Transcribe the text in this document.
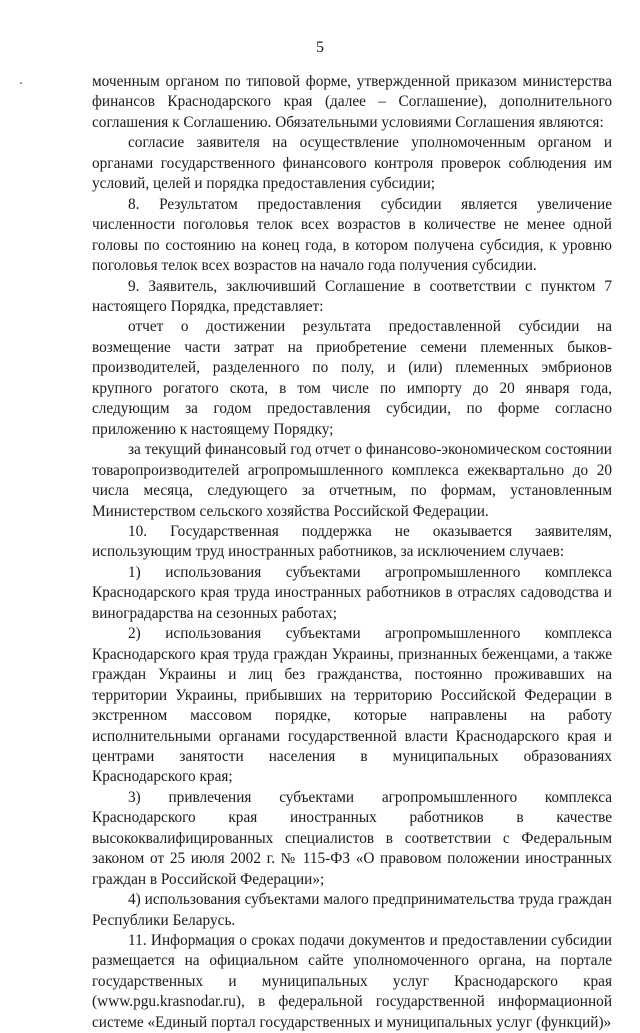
5

моченным органом по типовой форме, утвержденной приказом министерства финансов Краснодарского края (далее – Соглашение), дополнительного соглашения к Соглашению. Обязательными условиями Соглашения являются:

согласие заявителя на осуществление уполномоченным органом и органами государственного финансового контроля проверок соблюдения им условий, целей и порядка предоставления субсидии;

8. Результатом предоставления субсидии является увеличение численности поголовья телок всех возрастов в количестве не менее одной головы по состоянию на конец года, в котором получена субсидия, к уровню поголовья телок всех возрастов на начало года получения субсидии.

9. Заявитель, заключивший Соглашение в соответствии с пунктом 7 настоящего Порядка, представляет:

отчет о достижении результата предоставленной субсидии на возмещение части затрат на приобретение семени племенных быков-производителей, разделенного по полу, и (или) племенных эмбрионов крупного рогатого скота, в том числе по импорту до 20 января года, следующим за годом предоставления субсидии, по форме согласно приложению к настоящему Порядку;

за текущий финансовый год отчет о финансово-экономическом состоянии товаропроизводителей агропромышленного комплекса ежеквартально до 20 числа месяца, следующего за отчетным, по формам, установленным Министерством сельского хозяйства Российской Федерации.

10. Государственная поддержка не оказывается заявителям, использующим труд иностранных работников, за исключением случаев:

1) использования субъектами агропромышленного комплекса Краснодарского края труда иностранных работников в отраслях садоводства и виноградарства на сезонных работах;

2) использования субъектами агропромышленного комплекса Краснодарского края труда граждан Украины, признанных беженцами, а также граждан Украины и лиц без гражданства, постоянно проживавших на территории Украины, прибывших на территорию Российской Федерации в экстренном массовом порядке, которые направлены на работу исполнительными органами государственной власти Краснодарского края и центрами занятости населения в муниципальных образованиях Краснодарского края;

3) привлечения субъектами агропромышленного комплекса Краснодарского края иностранных работников в качестве высококвалифицированных специалистов в соответствии с Федеральным законом от 25 июля 2002 г. № 115-ФЗ «О правовом положении иностранных граждан в Российской Федерации»;

4) использования субъектами малого предпринимательства труда граждан Республики Беларусь.

11. Информация о сроках подачи документов и предоставлении субсидии размещается на официальном сайте уполномоченного органа, на портале государственных и муниципальных услуг Краснодарского края (www.pgu.krasnodar.ru), в федеральной государственной информационной системе «Единый портал государственных и муниципальных услуг (функций)»
